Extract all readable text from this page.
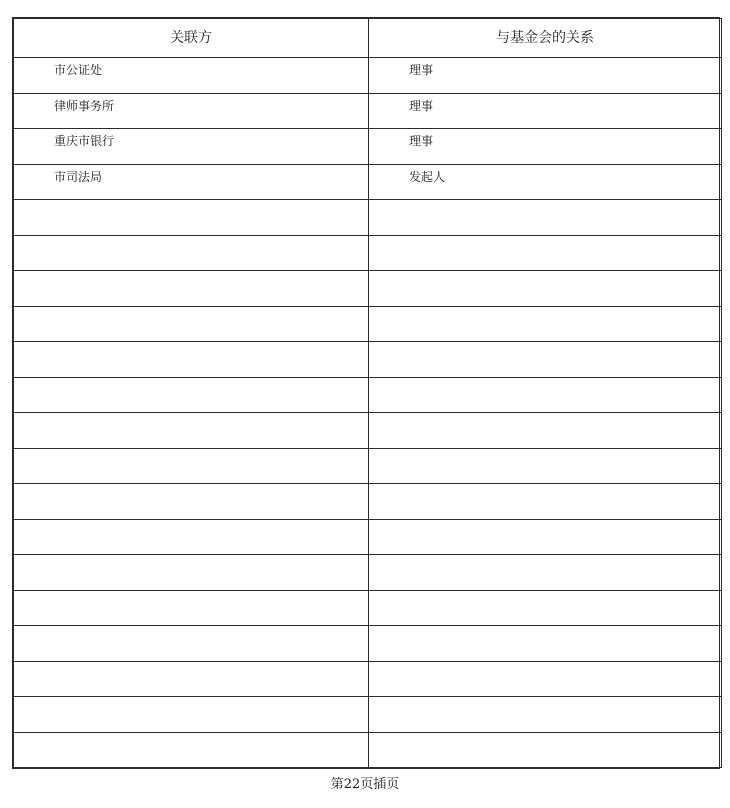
关联方	与基金会的关系

市公证处	理事

律师事务所	理事

重庆市银行	理事

市司法局	发起人

第22页插页
